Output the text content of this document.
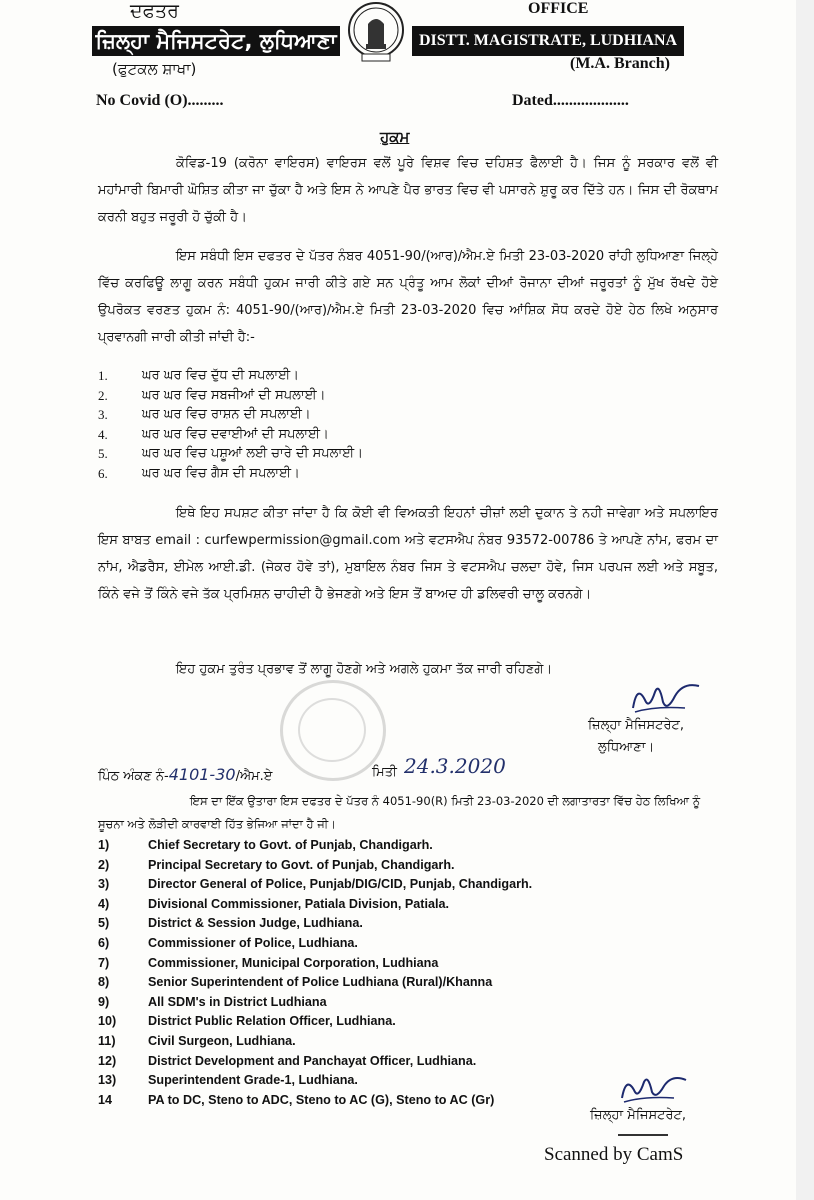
ਦਫਤਰ
ਜ਼ਿਲ੍ਹਾ ਮੈਜਿਸਟਰੇਟ, ਲੁਧਿਆਣਾ
(ਫੁਟਕਲ ਸ਼ਾਖਾ)
OFFICE
DISTT. MAGISTRATE, LUDHIANA
(M.A. Branch)
No Covid (O).........	Dated...................
ਹੁਕਮ
ਕੋਵਿਡ-19 (ਕਰੋਨਾ ਵਾਇਰਸ) ਵਾਇਰਸ ਵਲੋਂ ਪੂਰੇ ਵਿਸ਼ਵ ਵਿਚ ਦਹਿਸ਼ਤ ਫੈਲਾਈ ਹੈ। ਜਿਸ ਨੂੰ ਸਰਕਾਰ ਵਲੋਂ ਵੀ ਮਹਾਂਮਾਰੀ ਬਿਮਾਰੀ ਘੋਸ਼ਿਤ ਕੀਤਾ ਜਾ ਚੁੱਕਾ ਹੈ ਅਤੇ ਇਸ ਨੇ ਆਪਣੇ ਪੈਰ ਭਾਰਤ ਵਿਚ ਵੀ ਪਸਾਰਨੇ ਸ਼ੁਰੂ ਕਰ ਦਿੱਤੇ ਹਨ। ਜਿਸ ਦੀ ਰੋਕਥਾਮ ਕਰਨੀ ਬਹੁਤ ਜਰੂਰੀ ਹੋ ਚੁੱਕੀ ਹੈ।
ਇਸ ਸਬੰਧੀ ਇਸ ਦਫਤਰ ਦੇ ਪੱਤਰ ਨੰਬਰ 4051-90/(ਆਰ)/ਐਮ.ਏ ਮਿਤੀ 23-03-2020 ਰਾਂਹੀ ਲੁਧਿਆਣਾ ਜਿਲ੍ਹੇ ਵਿੱਚ ਕਰਫਿਊ ਲਾਗੂ ਕਰਨ ਸਬੰਧੀ ਹੁਕਮ ਜਾਰੀ ਕੀਤੇ ਗਏ ਸਨ ਪ੍ਰੰਤੂ ਆਮ ਲੋਕਾਂ ਦੀਆਂ ਰੋਜਾਨਾ ਦੀਆਂ ਜਰੂਰਤਾਂ ਨੂੰ ਮੁੱਖ ਰੱਖਦੇ ਹੋਏ ਉਪਰੋਕਤ ਵਰਣਤ ਹੁਕਮ ਨੰ: 4051-90/(ਆਰ)/ਐਮ.ਏ ਮਿਤੀ 23-03-2020 ਵਿਚ ਆਂਸ਼ਿਕ ਸੋਧ ਕਰਦੇ ਹੋਏ ਹੇਠ ਲਿਖੇ ਅਨੁਸਾਰ ਪ੍ਰਵਾਨਗੀ ਜਾਰੀ ਕੀਤੀ ਜਾਂਦੀ ਹੈ:-
1.	ਘਰ ਘਰ ਵਿਚ ਦੁੱਧ ਦੀ ਸਪਲਾਈ।
2.	ਘਰ ਘਰ ਵਿਚ ਸਬਜੀਆਂ ਦੀ ਸਪਲਾਈ।
3.	ਘਰ ਘਰ ਵਿਚ ਰਾਸ਼ਨ ਦੀ ਸਪਲਾਈ।
4.	ਘਰ ਘਰ ਵਿਚ ਦਵਾਈਆਂ ਦੀ ਸਪਲਾਈ।
5.	ਘਰ ਘਰ ਵਿਚ ਪਸ਼ੂਆਂ ਲਈ ਚਾਰੇ ਦੀ ਸਪਲਾਈ।
6.	ਘਰ ਘਰ ਵਿਚ ਗੈਸ ਦੀ ਸਪਲਾਈ।
ਇਥੇ ਇਹ ਸਪਸ਼ਟ ਕੀਤਾ ਜਾਂਦਾ ਹੈ ਕਿ ਕੋਈ ਵੀ ਵਿਅਕਤੀ ਇਹਨਾਂ ਚੀਜ਼ਾਂ ਲਈ ਦੁਕਾਨ ਤੇ ਨਹੀ ਜਾਵੇਗਾ ਅਤੇ ਸਪਲਾਇਰ ਇਸ ਬਾਬਤ email : curfewpermission@gmail.com ਅਤੇ ਵਟਸਐਪ ਨੰਬਰ 93572-00786 ਤੇ ਆਪਣੇ ਨਾਂਮ, ਫਰਮ ਦਾ ਨਾਂਮ, ਐਡਰੈਸ, ਈਮੇਲ ਆਈ.ਡੀ. (ਜੇਕਰ ਹੋਵੇ ਤਾਂ), ਮੁਬਾਇਲ ਨੰਬਰ ਜਿਸ ਤੇ ਵਟਸਐਪ ਚਲਦਾ ਹੋਵੇ, ਜਿਸ ਪਰਪਜ ਲਈ ਅਤੇ ਸਬੂਤ, ਕਿੰਨੇ ਵਜੇ ਤੋਂ ਕਿੰਨੇ ਵਜੇ ਤੱਕ ਪ੍ਰਮਿਸ਼ਨ ਚਾਹੀਦੀ ਹੈ ਭੇਜਣਗੇ ਅਤੇ ਇਸ ਤੋਂ ਬਾਅਦ ਹੀ ਡਲਿਵਰੀ ਚਾਲੂ ਕਰਨਗੇ।
ਇਹ ਹੁਕਮ ਤੁਰੰਤ ਪ੍ਰਭਾਵ ਤੋਂ ਲਾਗੂ ਹੋਣਗੇ ਅਤੇ ਅਗਲੇ ਹੁਕਮਾ ਤੱਕ ਜਾਰੀ ਰਹਿਣਗੇ।
ਜ਼ਿਲ੍ਹਾ ਮੈਜਿਸਟਰੇਟ,
ਲੁਧਿਆਣਾ।
ਪਿੰਠ ਅੰਕਣ ਨੰ-4101-30/ਐਮ.ਏ	ਮਿਤੀ 24.3.2020
ਇਸ ਦਾ ਇੱਕ ਉਤਾਰਾ ਇਸ ਦਫਤਰ ਦੇ ਪੱਤਰ ਨੰ 4051-90(R) ਮਿਤੀ 23-03-2020 ਦੀ ਲਗਾਤਾਰਤਾ ਵਿੱਚ ਹੇਠ ਲਿਖਿਆ ਨੂੰ ਸੂਚਨਾ ਅਤੇ ਲੋੜੀਦੀ ਕਾਰਵਾਈ ਹਿੱਤ ਭੇਜਿਆ ਜਾਂਦਾ ਹੈ ਜੀ।
1)	Chief Secretary to Govt. of Punjab, Chandigarh.
2)	Principal Secretary to Govt. of Punjab, Chandigarh.
3)	Director General of Police, Punjab/DIG/CID, Punjab, Chandigarh.
4)	Divisional Commissioner, Patiala Division, Patiala.
5)	District & Session Judge, Ludhiana.
6)	Commissioner of Police, Ludhiana.
7)	Commissioner, Municipal Corporation, Ludhiana
8)	Senior Superintendent of Police Ludhiana (Rural)/Khanna
9)	All SDM's in District Ludhiana
10)	District Public Relation Officer, Ludhiana.
11)	Civil Surgeon, Ludhiana.
12)	District Development and Panchayat Officer, Ludhiana.
13)	Superintendent Grade-1, Ludhiana.
14	PA to DC, Steno to ADC, Steno to AC (G), Steno to AC (Gr)
ਜ਼ਿਲ੍ਹਾ ਮੈਜਿਸਟਰੇਟ,
Scanned by CamS
